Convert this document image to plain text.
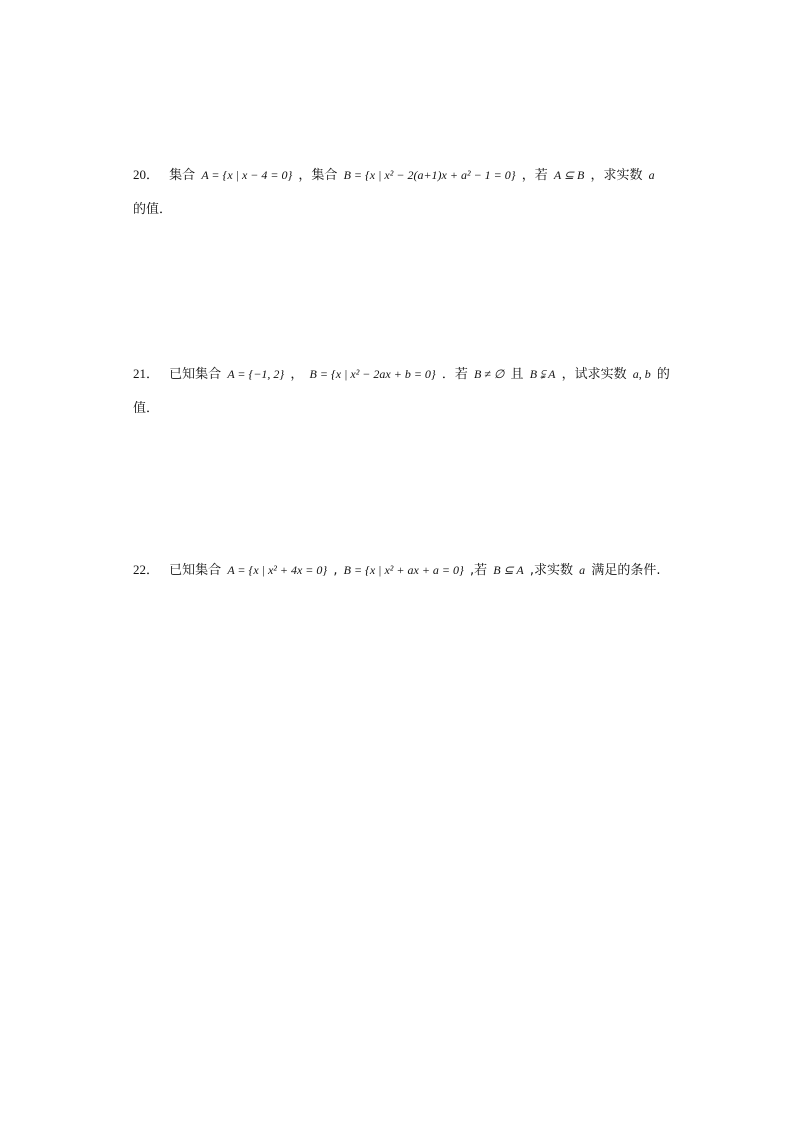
20． 集合 A = {x | x − 4 = 0} ，集合 B = {x | x² − 2(a+1)x + a² − 1 = 0} ，若 A ⊆ B ，求实数 a
的值．
21． 已知集合 A = {−1, 2} ， B = {x | x² − 2ax + b = 0} ．若 B ≠ ∅ 且 B ⫋ A ，试求实数 a, b 的
值．
22． 已知集合 A = {x | x² + 4x = 0} , B = {x | x² + ax + a = 0} ,若 B ⊆ A ,求实数 a 满足的条件.
